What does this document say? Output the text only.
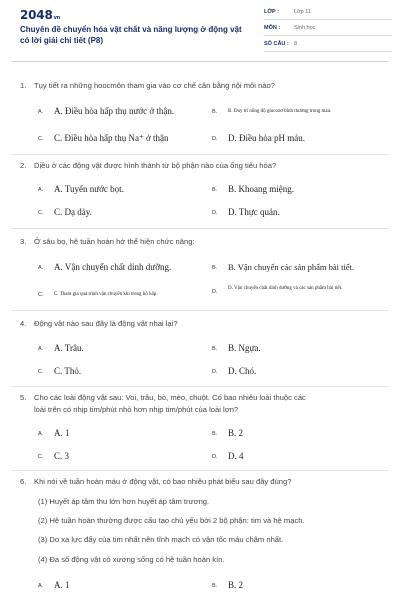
2048vn
Chuyên đề chuyển hóa vật chất và năng lượng ở động vật có lời giải chi tiết (P8)
LỚP :	Lớp 11
MÔN :	Sinh học
SỐ CÂU : 8
1. Tụy tiết ra những hoocmôn tham gia vào cơ chế cân bằng nội môi nào?
A.	A. Điều hòa hấp thụ nước ở thận.	B.	B. Duy trì nồng độ glucozơ bình thường trong máu.
C.	C. Điều hòa hấp thụ Na⁺ ở thận	D.	D. Điều hòa pH máu.
2. Dịều ở các động vật được hình thành từ bộ phận nào của ống tiêu hóa?
A.	A. Tuyến nước bọt.	B.	B. Khoang miệng.
C.	C. Dạ dày.	D.	D. Thực quản.
3. Ở sâu bọ, hệ tuần hoàn hở thể hiện chức năng:
A.	A. Vận chuyển chất dinh dưỡng.	B.	B. Vận chuyển các sản phẩm bài tiết.
C.	C. Tham gia quá trình vận chuyển khí trong hô hấp.	D.
D. Vận chuyển chất dinh dưỡng và các sản phẩm bài tiết.
4. Động vật nào sau đây là động vật nhai lại?
A.	A. Trâu.	B.	B. Ngựa.
C.	C. Thỏ.	D.	D. Chó.
5. Cho các loài động vật sau: Voi, trâu, bò, mèo, chuột. Có bao nhiêu loài thuộc các
loài trên có nhịp tim/phút nhỏ hơn nhịp tim/phút của loài lợn?
A.	A. 1	B.	B. 2
C.	C. 3	D.	D. 4
6. Khi nói về tuần hoàn máu ở động vật, có bao nhiêu phát biểu sau đây đúng?
(1) Huyết áp tâm thu lớn hơn huyết áp tâm trương.
(2) Hệ tuần hoàn thường được cấu tạo chủ yếu bởi 2 bộ phận: tim và hệ mạch.
(3) Do xa lực đẩy của tim nhất nên tĩnh mạch có vận tốc máu chậm nhất.
(4) Đa số động vật có xương sống có hệ tuần hoàn kín.
A.	A. 1	B.	B. 2
